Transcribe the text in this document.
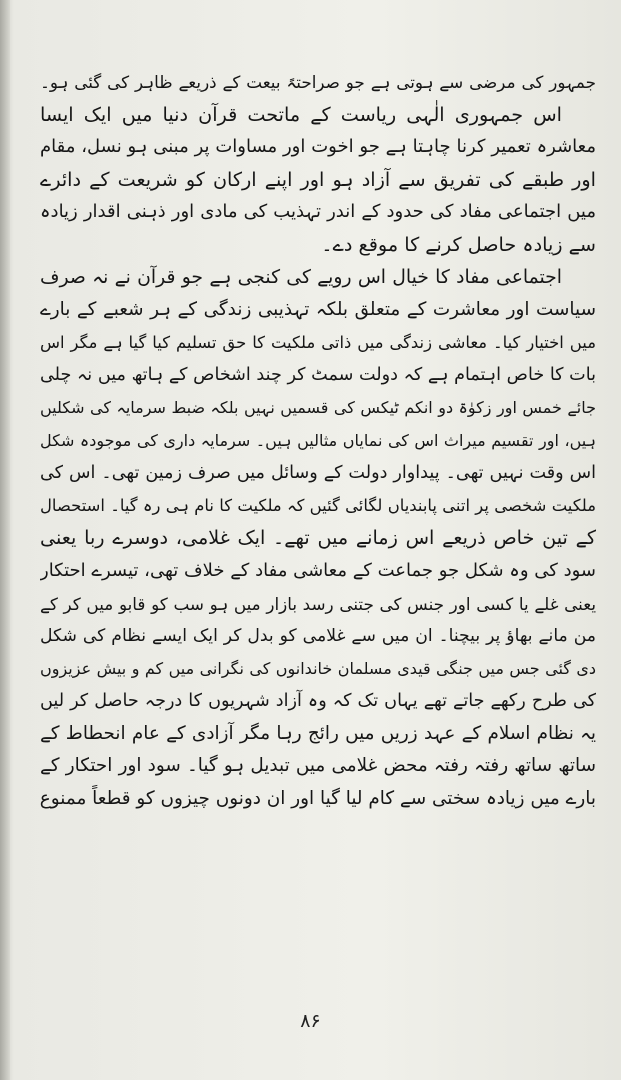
جمہور کی مرضی سے ہوتی ہے جو صراحتہً بیعت کے ذریعے ظاہر کی گئی ہو۔
اس جمہوری الٰہی ریاست کے ماتحت قرآن دنیا میں ایک ایسا
معاشرہ تعمیر کرنا چاہتا ہے جو اخوت اور مساوات پر مبنی ہو نسل، مقام
اور طبقے کی تفریق سے آزاد ہو اور اپنے ارکان کو شریعت کے دائرے
میں اجتماعی مفاد کی حدود کے اندر تہذیب کی مادی اور ذہنی اقدار زیادہ
سے زیادہ حاصل کرنے کا موقع دے۔
اجتماعی مفاد کا خیال اس رویے کی کنجی ہے جو قرآن نے نہ صرف
سیاست اور معاشرت کے متعلق بلکہ تہذیبی زندگی کے ہر شعبے کے بارے
میں اختیار کیا۔ معاشی زندگی میں ذاتی ملکیت کا حق تسلیم کیا گیا ہے مگر اس
بات کا خاص اہتمام ہے کہ دولت سمٹ کر چند اشخاص کے ہاتھ میں نہ چلی
جائے خمس اور زکوٰۃ دو انکم ٹیکس کی قسمیں نہیں بلکہ ضبط سرمایہ کی شکلیں
ہیں، اور تقسیم میراث اس کی نمایاں مثالیں ہیں۔ سرمایہ داری کی موجودہ شکل
اس وقت نہیں تھی۔ پیداوار دولت کے وسائل میں صرف زمین تھی۔ اس کی
ملکیت شخصی پر اتنی پابندیاں لگائی گئیں کہ ملکیت کا نام ہی رہ گیا۔ استحصال
کے تین خاص ذریعے اس زمانے میں تھے۔ ایک غلامی، دوسرے ربا یعنی
سود کی وہ شکل جو جماعت کے معاشی مفاد کے خلاف تھی، تیسرے احتکار
یعنی غلے یا کسی اور جنس کی جتنی رسد بازار میں ہو سب کو قابو میں کر کے
من مانے بھاؤ پر بیچنا۔ ان میں سے غلامی کو بدل کر ایک ایسے نظام کی شکل
دی گئی جس میں جنگی قیدی مسلمان خاندانوں کی نگرانی میں کم و بیش عزیزوں
کی طرح رکھے جاتے تھے یہاں تک کہ وہ آزاد شہریوں کا درجہ حاصل کر لیں
یہ نظام اسلام کے عہد زریں میں رائج رہا مگر آزادی کے عام انحطاط کے
ساتھ ساتھ رفتہ رفتہ محض غلامی میں تبدیل ہو گیا۔ سود اور احتکار کے
بارے میں زیادہ سختی سے کام لیا گیا اور ان دونوں چیزوں کو قطعاً ممنوع
۸۶
